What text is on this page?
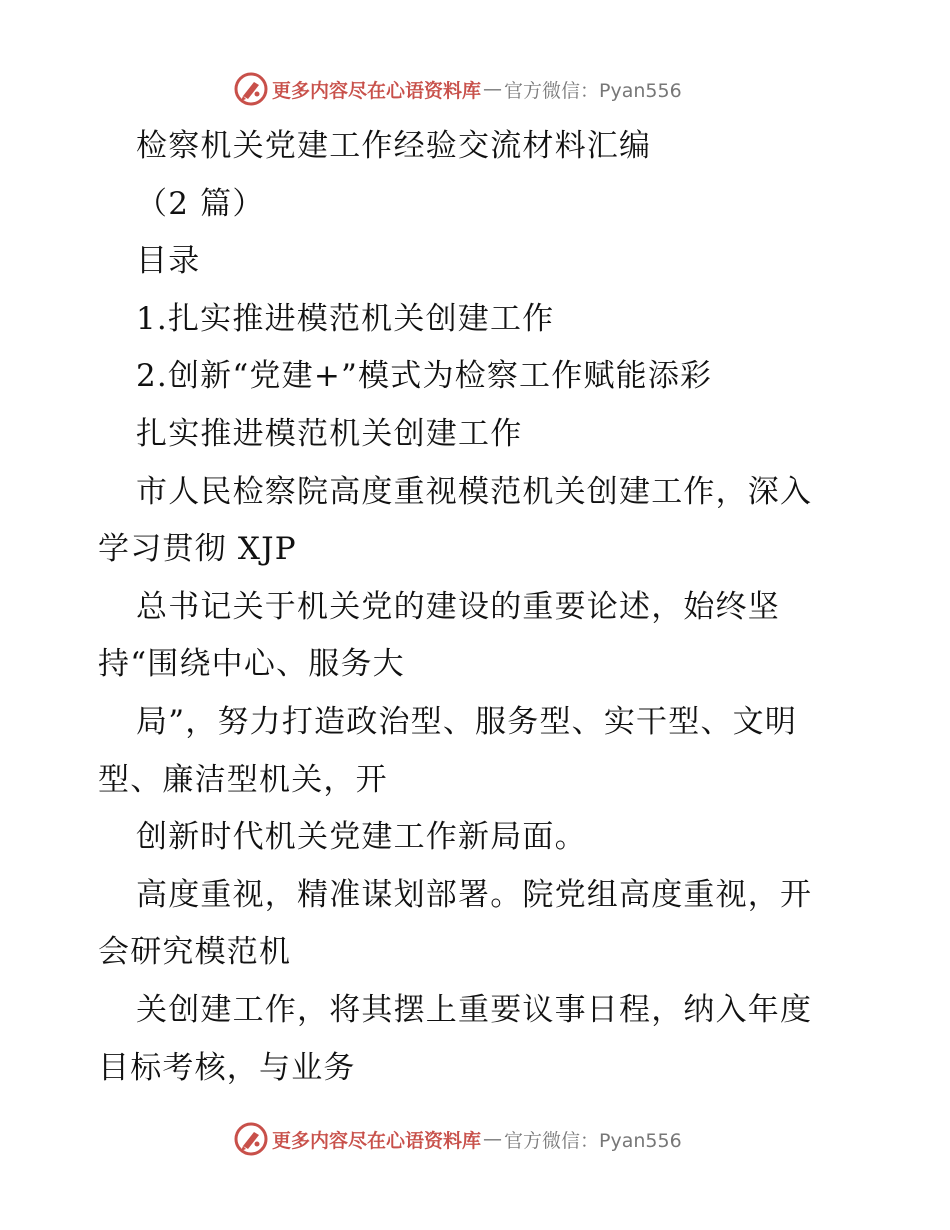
更多内容尽在心语资料库 — 官方微信：Pyan556
检察机关党建工作经验交流材料汇编
（2 篇）
目录
1.扎实推进模范机关创建工作
2.创新“党建+”模式为检察工作赋能添彩
扎实推进模范机关创建工作
市人民检察院高度重视模范机关创建工作，深入
学习贯彻 XJP
总书记关于机关党的建设的重要论述，始终坚
持“围绕中心、服务大
局”，努力打造政治型、服务型、实干型、文明
型、廉洁型机关，开
创新时代机关党建工作新局面。
高度重视，精准谋划部署。院党组高度重视，开
会研究模范机
关创建工作，将其摆上重要议事日程，纳入年度
目标考核，与业务
更多内容尽在心语资料库 — 官方微信：Pyan556
